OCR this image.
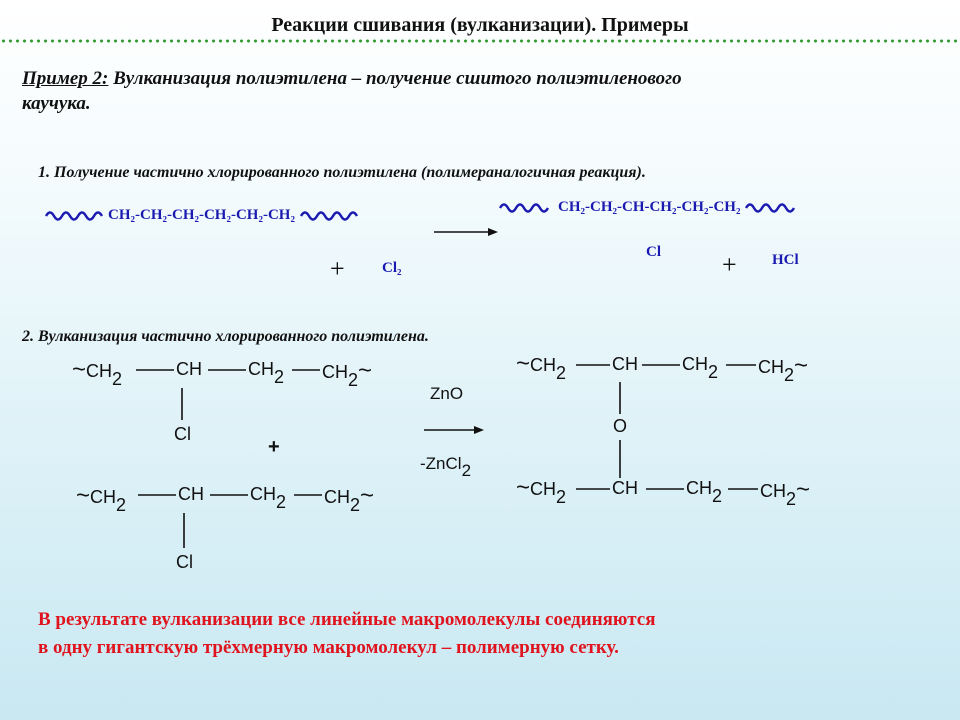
Реакции сшивания (вулканизации). Примеры
Пример 2: Вулканизация полиэтилена – получение сшитого полиэтиленового
каучука.
1. Получение частично хлорированного полиэтилена (полимераналогичная реакция).
CH₂-CH₂-CH₂-CH₂-CH₂-CH₂
+ Cl₂
CH₂-CH₂-CH-CH₂-CH₂-CH₂
Cl + HCl
2. Вулканизация частично хлорированного полиэтилена.
~CH2	CH	CH2 CH2~
Cl
+
~CH2
CH	CH2 CH2~
Cl
ZnO
-ZnCl2
~CH2	CH CH2 CH2~
O
~CH2	CH	CH2 CH2~
В результате вулканизации все линейные макромолекулы соединяются
в одну гигантскую трёхмерную макромолекул – полимерную сетку.
